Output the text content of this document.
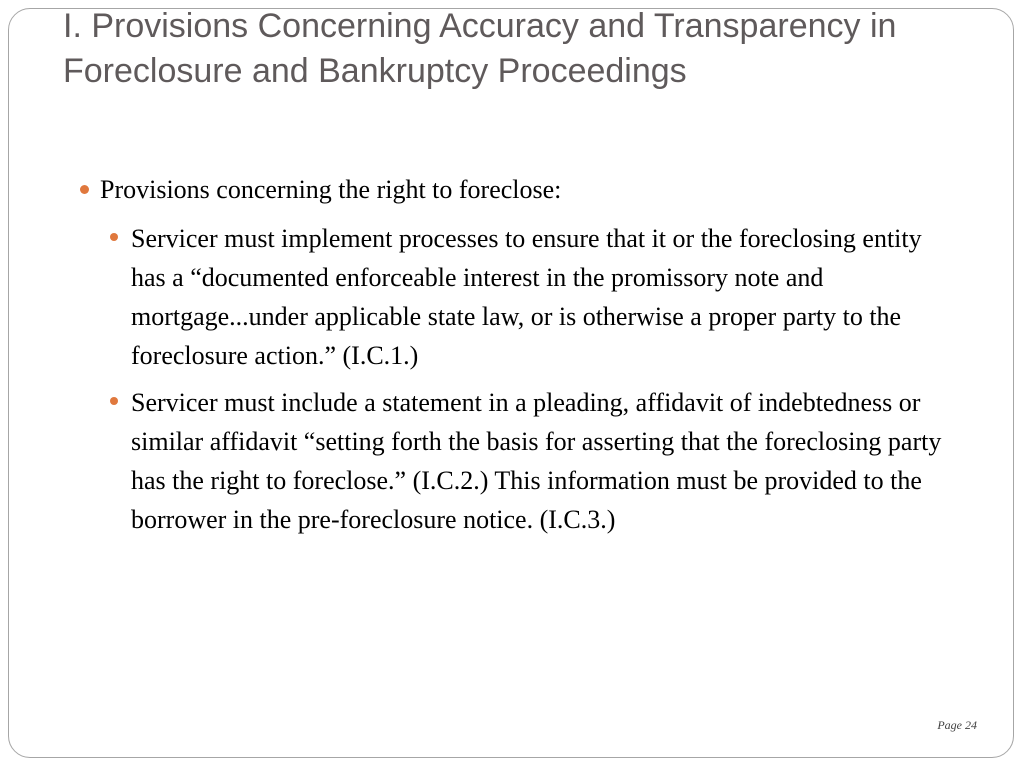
I. Provisions Concerning Accuracy and Transparency in Foreclosure and Bankruptcy Proceedings
Provisions concerning the right to foreclose:
Servicer must implement processes to ensure that it or the foreclosing entity has a “documented enforceable interest in the promissory note and mortgage...under applicable state law, or is otherwise a proper party to the foreclosure action.” (I.C.1.)
Servicer must include a statement in a pleading, affidavit of indebtedness or similar affidavit “setting forth the basis for asserting that the foreclosing party has the right to foreclose.” (I.C.2.) This information must be provided to the borrower in the pre-foreclosure notice. (I.C.3.)
Page 24
